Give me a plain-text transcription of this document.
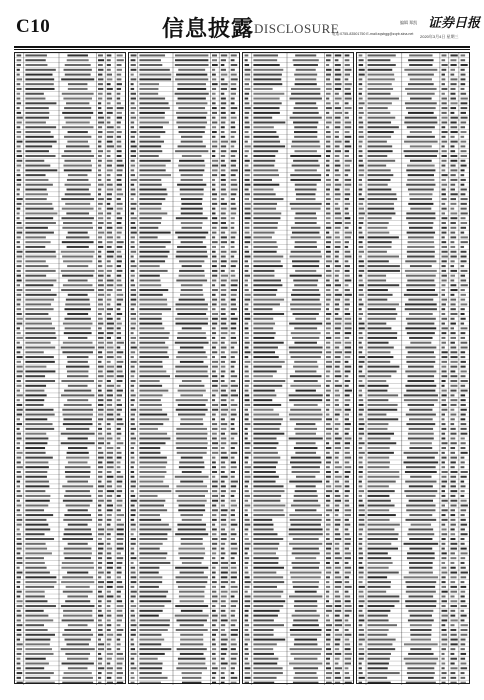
C10	信息披露 DISCLOSURE	编辑 郑凯
电话:0755-83501750 E-mail:zqsbgg@zqrb.sina.net
证券日报
2020年3月4日 星期三
